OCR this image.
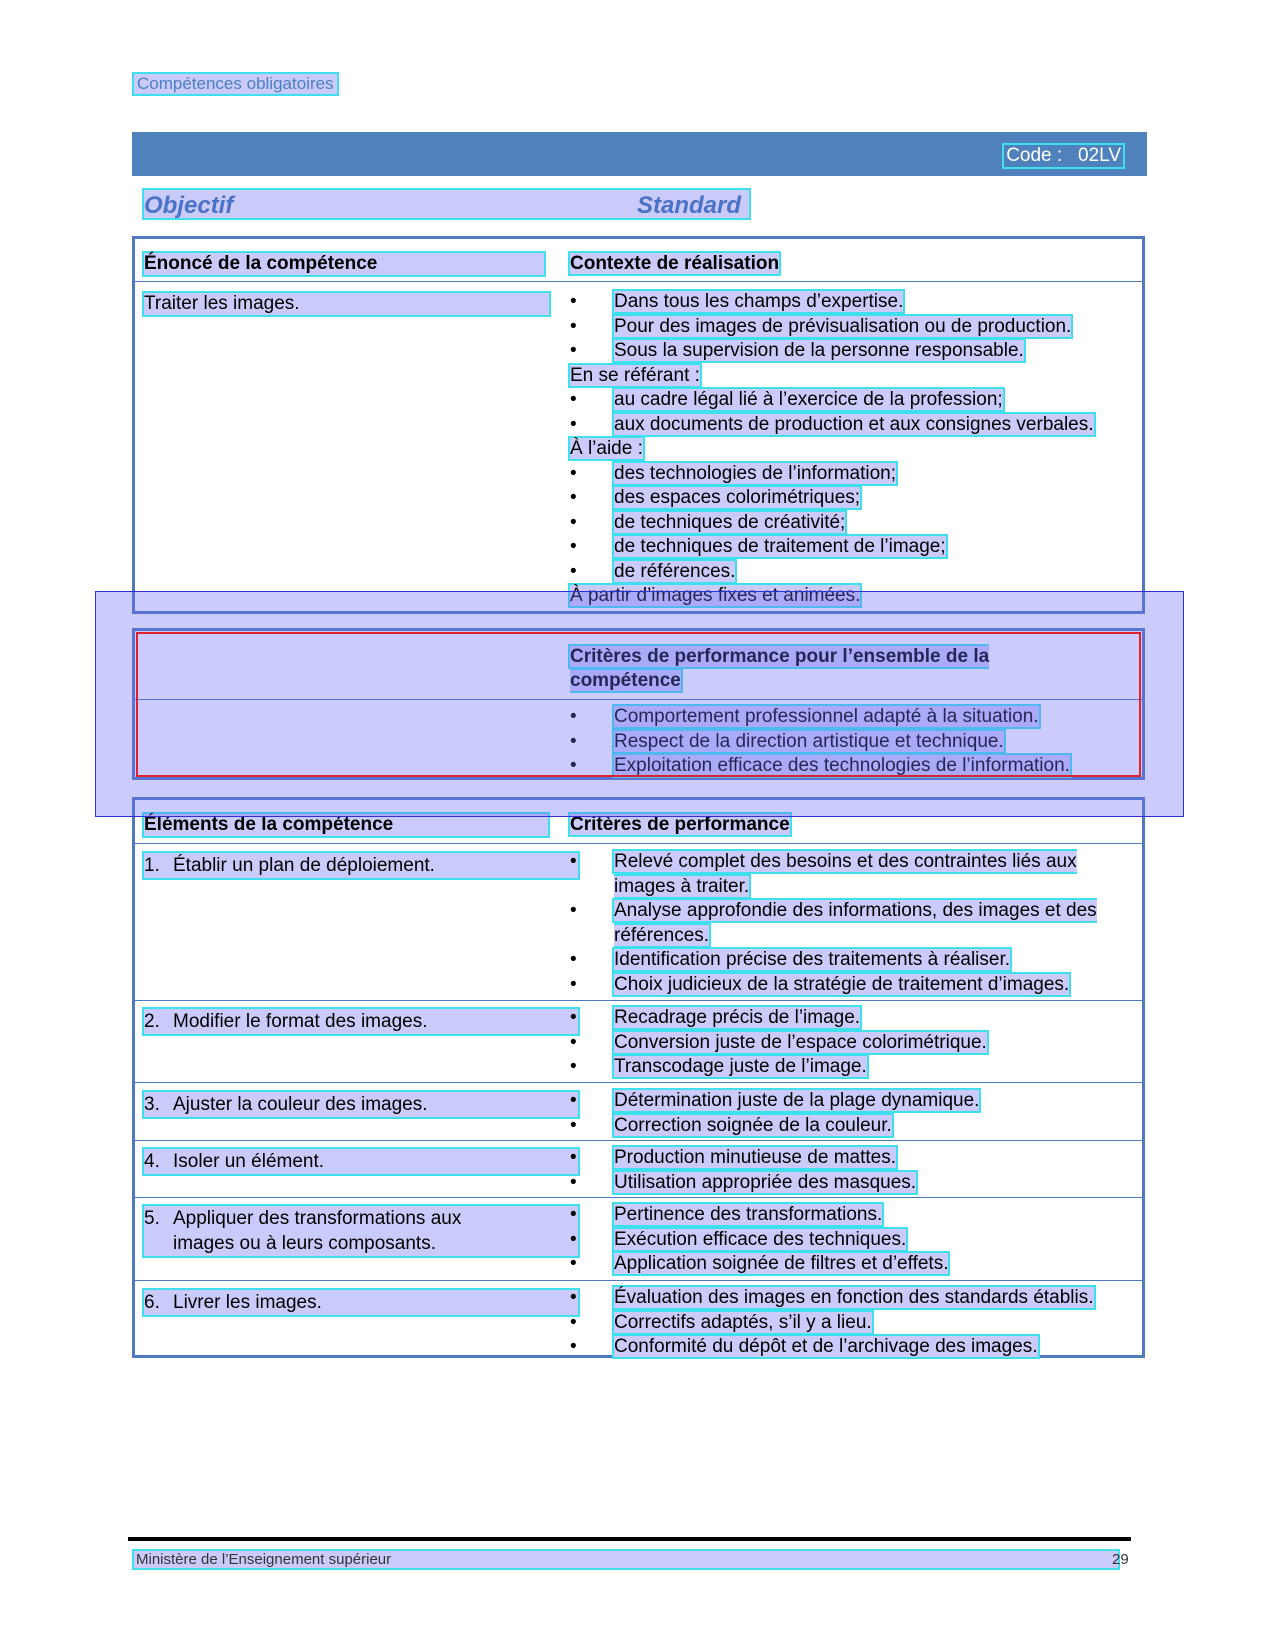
Compétences obligatoires
Code : 02LV
Objectif	Standard
Énoncé de la compétence	Contexte de réalisation
Traiter les images.	• Dans tous les champs d’expertise.
• Pour des images de prévisualisation ou de production.
• Sous la supervision de la personne responsable.
En se référant :
• au cadre légal lié à l’exercice de la profession;
• aux documents de production et aux consignes verbales.
À l’aide :
• des technologies de l’information;
• des espaces colorimétriques;
• de techniques de créativité;
• de techniques de traitement de l’image;
• de références.
À partir d’images fixes et animées.
Critères de performance pour l’ensemble de la compétence
• Comportement professionnel adapté à la situation.
• Respect de la direction artistique et technique.
• Exploitation efficace des technologies de l’information.
Éléments de la compétence	Critères de performance
1. Établir un plan de déploiement.	• Relevé complet des besoins et des contraintes liés aux images à traiter.
• Analyse approfondie des informations, des images et des références.
• Identification précise des traitements à réaliser.
• Choix judicieux de la stratégie de traitement d’images.
2. Modifier le format des images.	• Recadrage précis de l’image.
• Conversion juste de l’espace colorimétrique.
• Transcodage juste de l’image.
3. Ajuster la couleur des images.	• Détermination juste de la plage dynamique.
• Correction soignée de la couleur.
4. Isoler un élément.	• Production minutieuse de mattes.
• Utilisation appropriée des masques.
5. Appliquer des transformations aux
images ou à leurs composants.
• Pertinence des transformations.
• Exécution efficace des techniques.
• Application soignée de filtres et d’effets.
6. Livrer les images.	• Évaluation des images en fonction des standards établis.
• Correctifs adaptés, s’il y a lieu.
• Conformité du dépôt et de l’archivage des images.
Ministère de l’Enseignement supérieur	29
